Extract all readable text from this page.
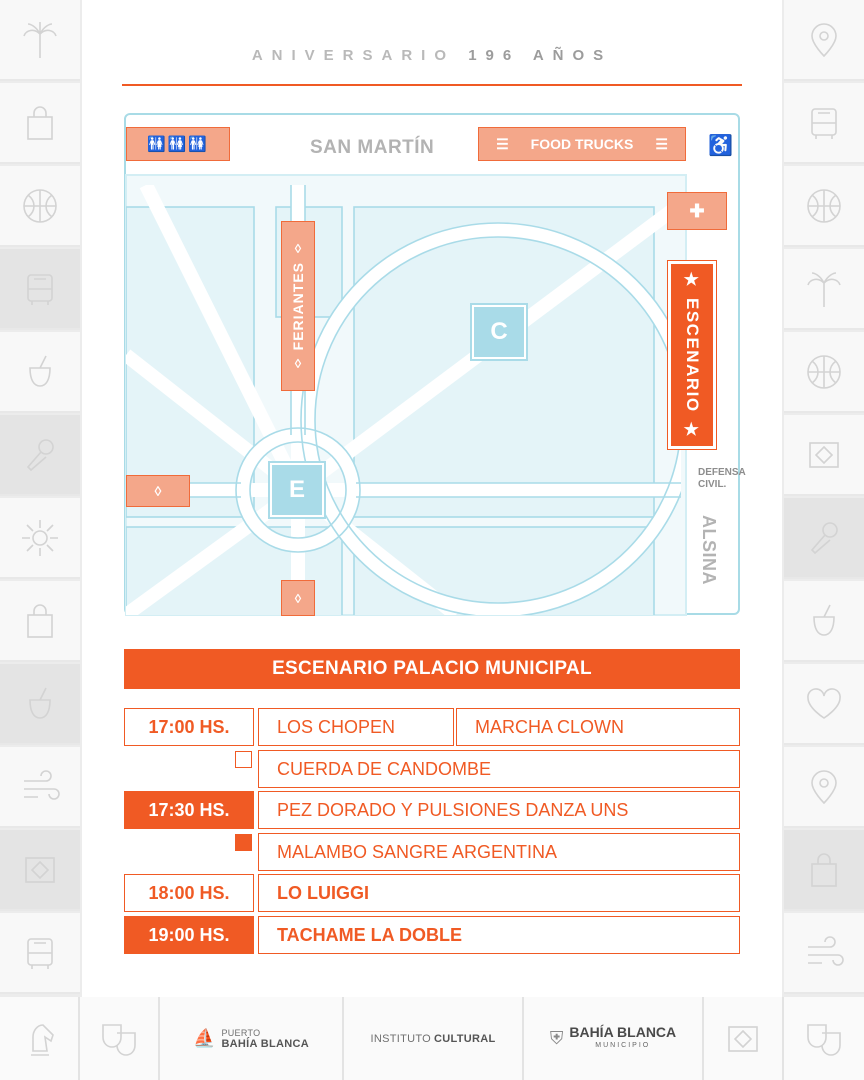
ANIVERSARIO 196 AÑOS
🚻🚻🚻	SAN MARTÍN	☰ FOOD TRUCKS ☰ ♿
✚
◊
FERIANTES
◊
★
ESCENARIO
★
C
E
◊
◊
DEFENSA CIVIL.
ALSINA
ESCENARIO PALACIO MUNICIPAL
17:00 HS.	LOS CHOPEN	MARCHA CLOWN
CUERDA DE CANDOMBE
17:30 HS.	PEZ DORADO Y PULSIONES DANZA UNS
MALAMBO SANGRE ARGENTINA
18:00 HS.	LO LUIGGI
19:00 HS.	TACHAME LA DOBLE
⛵ PUERTO
BAHÍA BLANCA	INSTITUTO CULTURAL	⛨ BAHÍA BLANCA
MUNICIPIO
